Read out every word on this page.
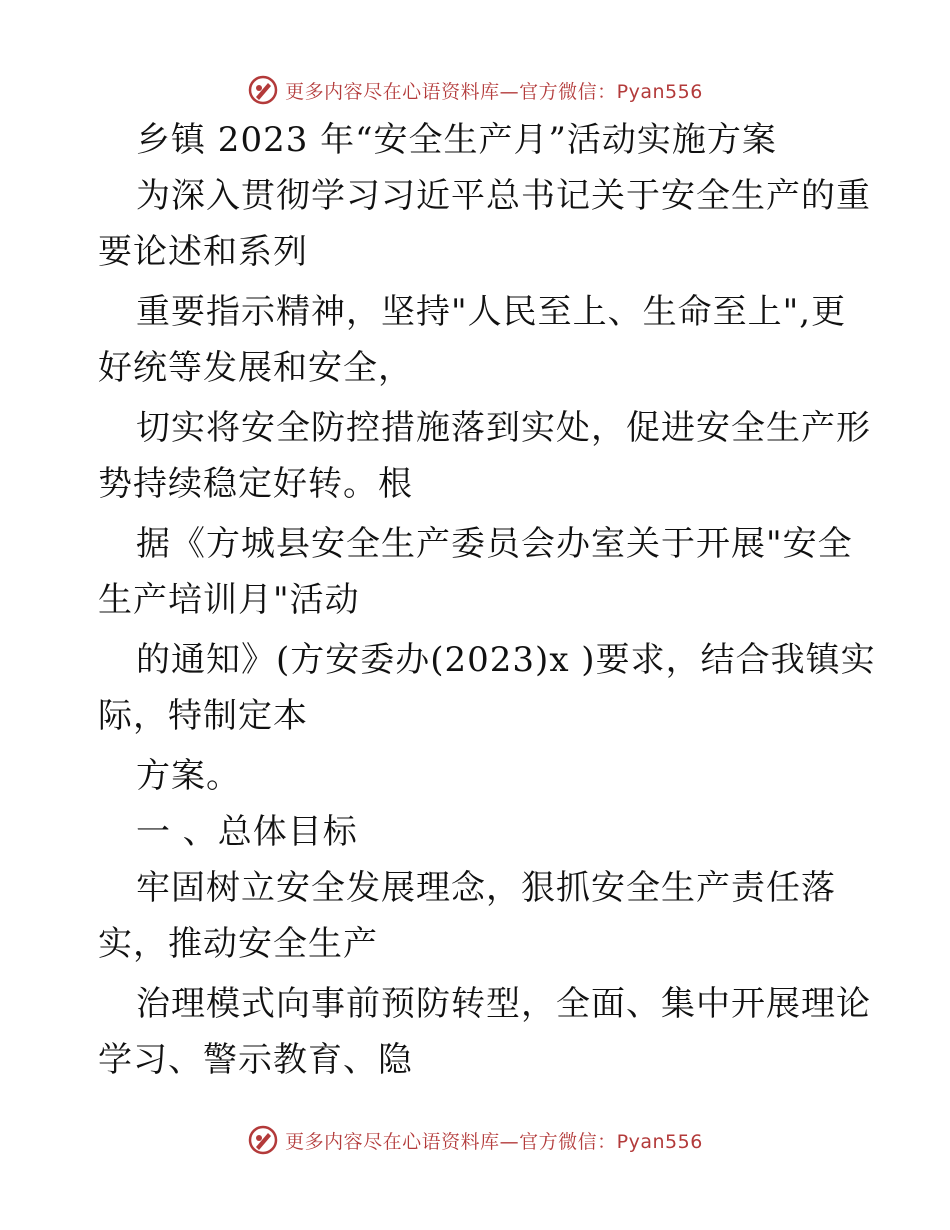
更多内容尽在心语资料库—官方微信：Pyan556
乡镇 2023 年“安全生产月”活动实施方案
为深入贯彻学习习近平总书记关于安全生产的重
要论述和系列
重要指示精神，坚持"人民至上、生命至上",更
好统等发展和安全，
切实将安全防控措施落到实处，促进安全生产形
势持续稳定好转。根
据《方城县安全生产委员会办室关于开展"安全
生产培训月"活动
的通知》(方安委办(2023)x )要求，结合我镇实
际，特制定本
方案。
一 、总体目标
牢固树立安全发展理念，狠抓安全生产责任落
实，推动安全生产
治理模式向事前预防转型，全面、集中开展理论
学习、警示教育、隐
更多内容尽在心语资料库—官方微信：Pyan556
